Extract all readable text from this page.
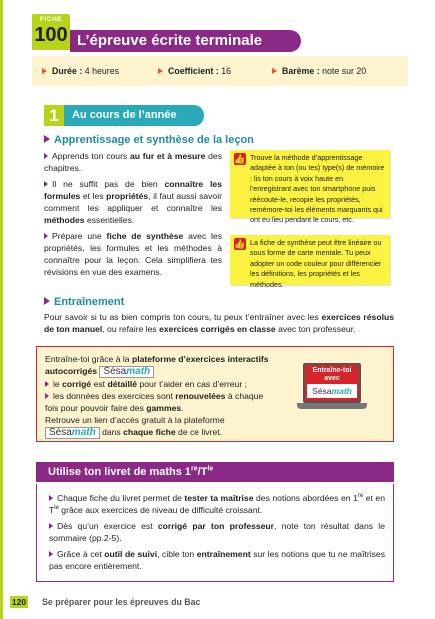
FICHE
100 L’épreuve écrite terminale
Durée : 4 heures	Coefficient : 16	Barème : note sur 20
1	Au cours de l’année
Apprentissage et synthèse de la leçon
Apprends ton cours au fur et à mesure des chapitres.
Il ne suffit pas de bien connaître les formules et les propriétés, il faut aussi savoir comment les appliquer et connaître les méthodes essentielles.
Prépare une fiche de synthèse avec les propriétés, les formules et les méthodes à connaître pour la leçon. Cela simplifiera tes révisions en vue des examens.
👍 Trouve la méthode d’apprentissage adaptée à ton (ou tes) type(s) de mémoire : lis ton cours à voix haute en l’enregistrant avec ton smartphone puis réécoute-le, recopie les propriétés, remémore-toi les éléments marquants qui ont eu lieu pendant le cours, etc.
👍 La fiche de synthèse peut être linéaire ou sous forme de carte mentale. Tu peux adopter un code couleur pour différencier les définitions, les propriétés et les méthodes.
Entraînement
Pour savoir si tu as bien compris ton cours, tu peux t’entraîner avec les exercices résolus de ton manuel, ou refaire les exercices corrigés en classe avec ton professeur.
Entraîne-toi grâce à la plateforme d’exercices interactifs autocorrigés Sésamath
le corrigé est détaillé pour t’aider en cas d’erreur ;
les données des exercices sont renouvelées à chaque fois pour pouvoir faire des gammes.
Retrouve un lien d’accès gratuit à la plateforme Sésamath dans chaque fiche de ce livret.
Entraîne-toi avec
Sésamath
Utilise ton livret de maths $1re/T^{le}$
Chaque fiche du livret permet de tester ta maîtrise des notions abordées en 1re et en $T^{le}$ grâce aux exercices de niveau de difficulté croissant.
Dès qu’un exercice est corrigé par ton professeur, note ton résultat dans le sommaire (pp.2-5).
Grâce à cet outil de suivi, cible ton entraînement sur les notions que tu ne maîtrises pas encore entièrement.
120 Se préparer pour les épreuves du Bac
